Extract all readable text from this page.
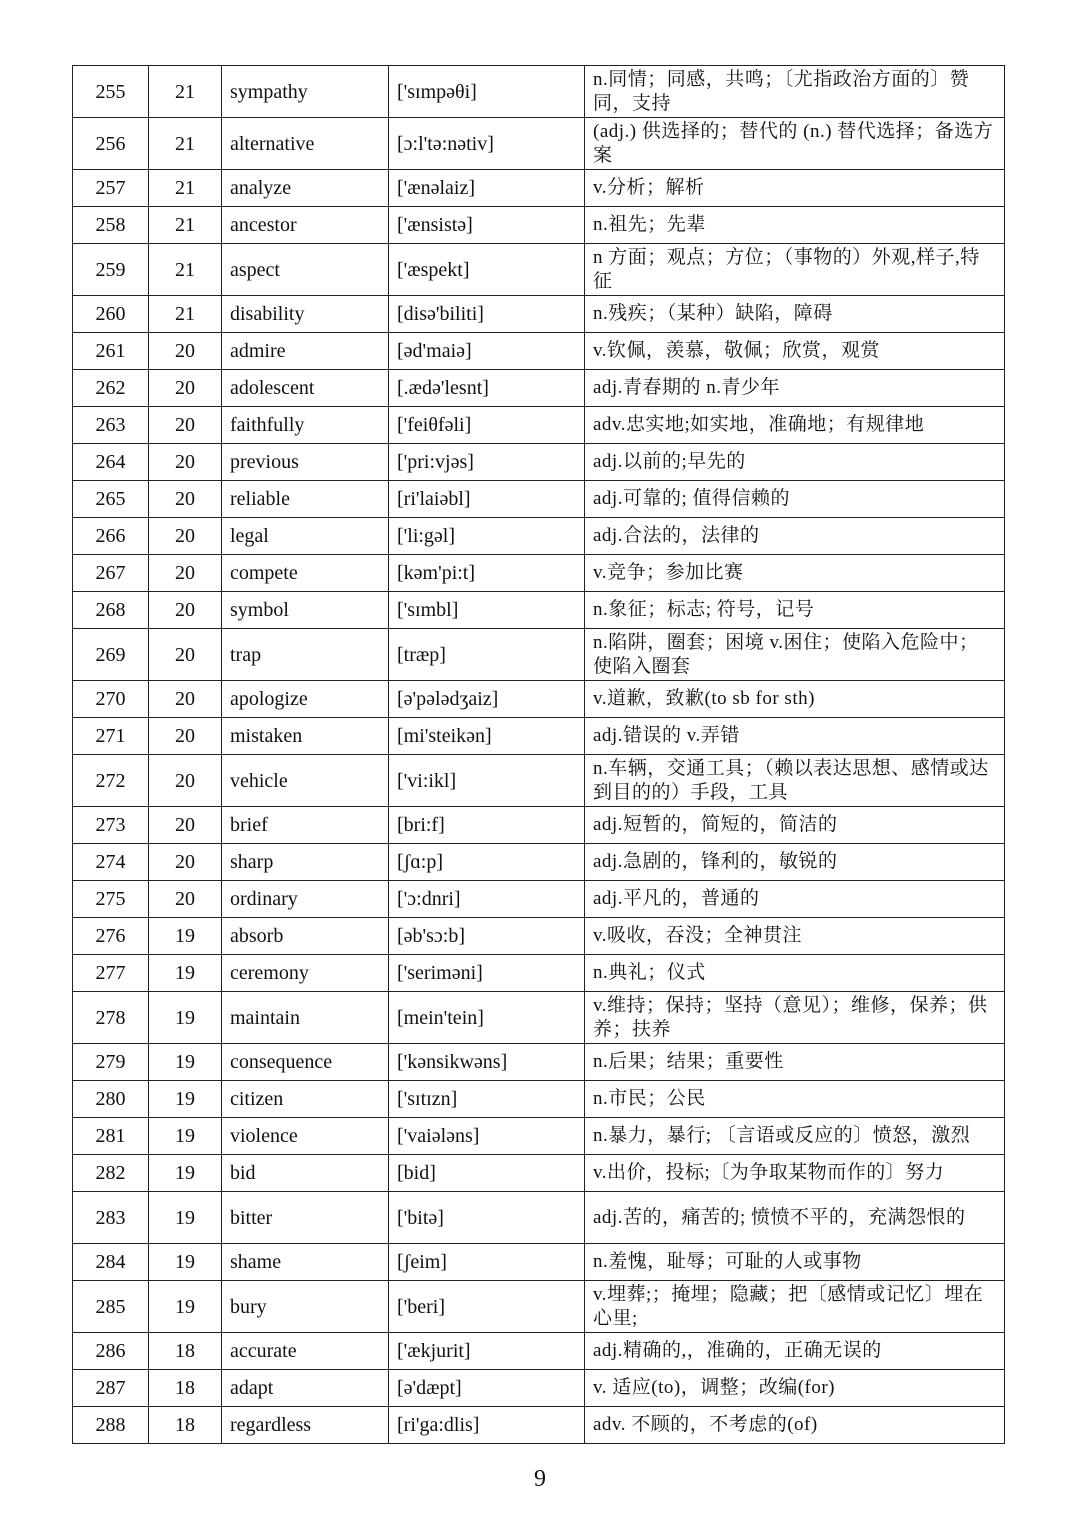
255	21	sympathy	['sɪmpəθi]	n.同情；同感，共鸣；〔尤指政治方面的〕赞同，支持
256	21	alternative	[ɔ:l'tə:nətiv]	(adj.) 供选择的；替代的 (n.) 替代选择；备选方案
257	21	analyze	['ænəlaiz]	v.分析；解析
258	21	ancestor	['ænsistə]	n.祖先；先辈
259	21	aspect	['æspekt]	n 方面；观点；方位；（事物的）外观,样子,特征
260	21	disability	[disə'biliti]	n.残疾；（某种）缺陷，障碍
261	20	admire	[əd'maiə]	v.钦佩，羡慕，敬佩；欣赏，观赏
262	20	adolescent	[.ædə'lesnt]	adj.青春期的 n.青少年
263	20	faithfully	['feiθfəli]	adv.忠实地;如实地，准确地；有规律地
264	20	previous	['pri:vjəs]	adj.以前的;早先的
265	20	reliable	[ri'laiəbl]	adj.可靠的; 值得信赖的
266	20	legal	['li:gəl]	adj.合法的，法律的
267	20	compete	[kəm'pi:t]	v.竞争；参加比赛
268	20	symbol	['sɪmbl]	n.象征；标志; 符号，记号
269	20	trap	[træp]	n.陷阱，圈套；困境 v.困住；使陷入危险中；使陷入圈套
270	20	apologize	[ə'pələdʒaiz]	v.道歉，致歉(to sb for sth)
271	20	mistaken	[mi'steikən]	adj.错误的 v.弄错
272	20	vehicle	['vi:ikl]	n.车辆，交通工具；（赖以表达思想、感情或达到目的的）手段，工具
273	20	brief	[bri:f]	adj.短暂的，简短的，简洁的
274	20	sharp	[ʃɑ:p]	adj.急剧的，锋利的，敏锐的
275	20	ordinary	['ɔ:dnri]	adj.平凡的，普通的
276	19	absorb	[əb'sɔ:b]	v.吸收，吞没；全神贯注
277	19	ceremony	['seriməni]	n.典礼；仪式
278	19	maintain	[mein'tein]	v.维持；保持；坚持（意见）；维修，保养；供养；扶养
279	19	consequence	['kənsikwəns]	n.后果；结果；重要性
280	19	citizen	['sɪtɪzn]	n.市民；公民
281	19	violence	['vaiələns]	n.暴力，暴行; 〔言语或反应的〕愤怒，激烈
282	19	bid	[bid]	v.出价，投标;〔为争取某物而作的〕努力
283	19	bitter	['bitə]	adj.苦的，痛苦的; 愤愤不平的，充满怨恨的
284	19	shame	[ʃeim]	n.羞愧，耻辱；可耻的人或事物
285	19	bury	['beri]	v.埋葬;；掩埋；隐藏；把〔感情或记忆〕埋在心里;
286	18	accurate	['ækjurit]	adj.精确的,，准确的，正确无误的
287	18	adapt	[ə'dæpt]	v. 适应(to)，调整；改编(for)
288	18	regardless	[ri'ga:dlis]	adv. 不顾的，不考虑的(of)
9
